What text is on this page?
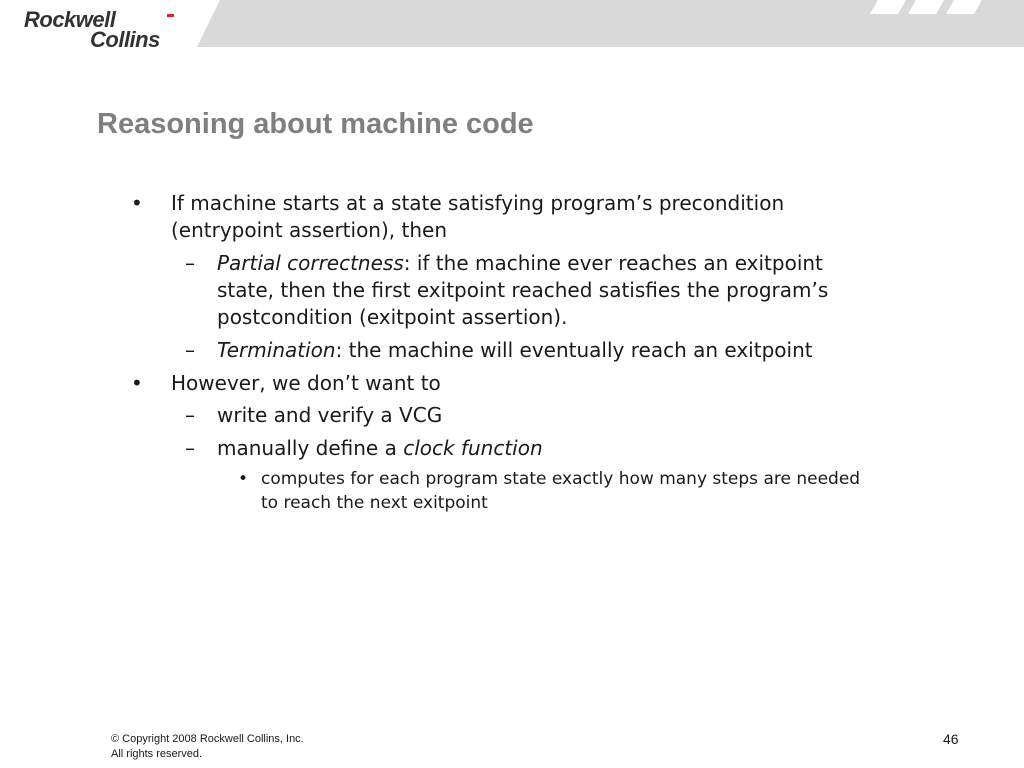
Rockwell
Collins
Reasoning about machine code
• If machine starts at a state satisfying program’s precondition

(entrypoint assertion), then

– Partial correctness: if the machine ever reaches an exitpoint

state, then the first exitpoint reached satisfies the program’s

postcondition (exitpoint assertion).

– Termination: the machine will eventually reach an exitpoint

• However, we don’t want to

– write and verify a VCG

– manually define a clock function

• computes for each program state exactly how many steps are needed

to reach the next exitpoint

© Copyright 2008 Rockwell Collins, Inc.
All rights reserved.
46
